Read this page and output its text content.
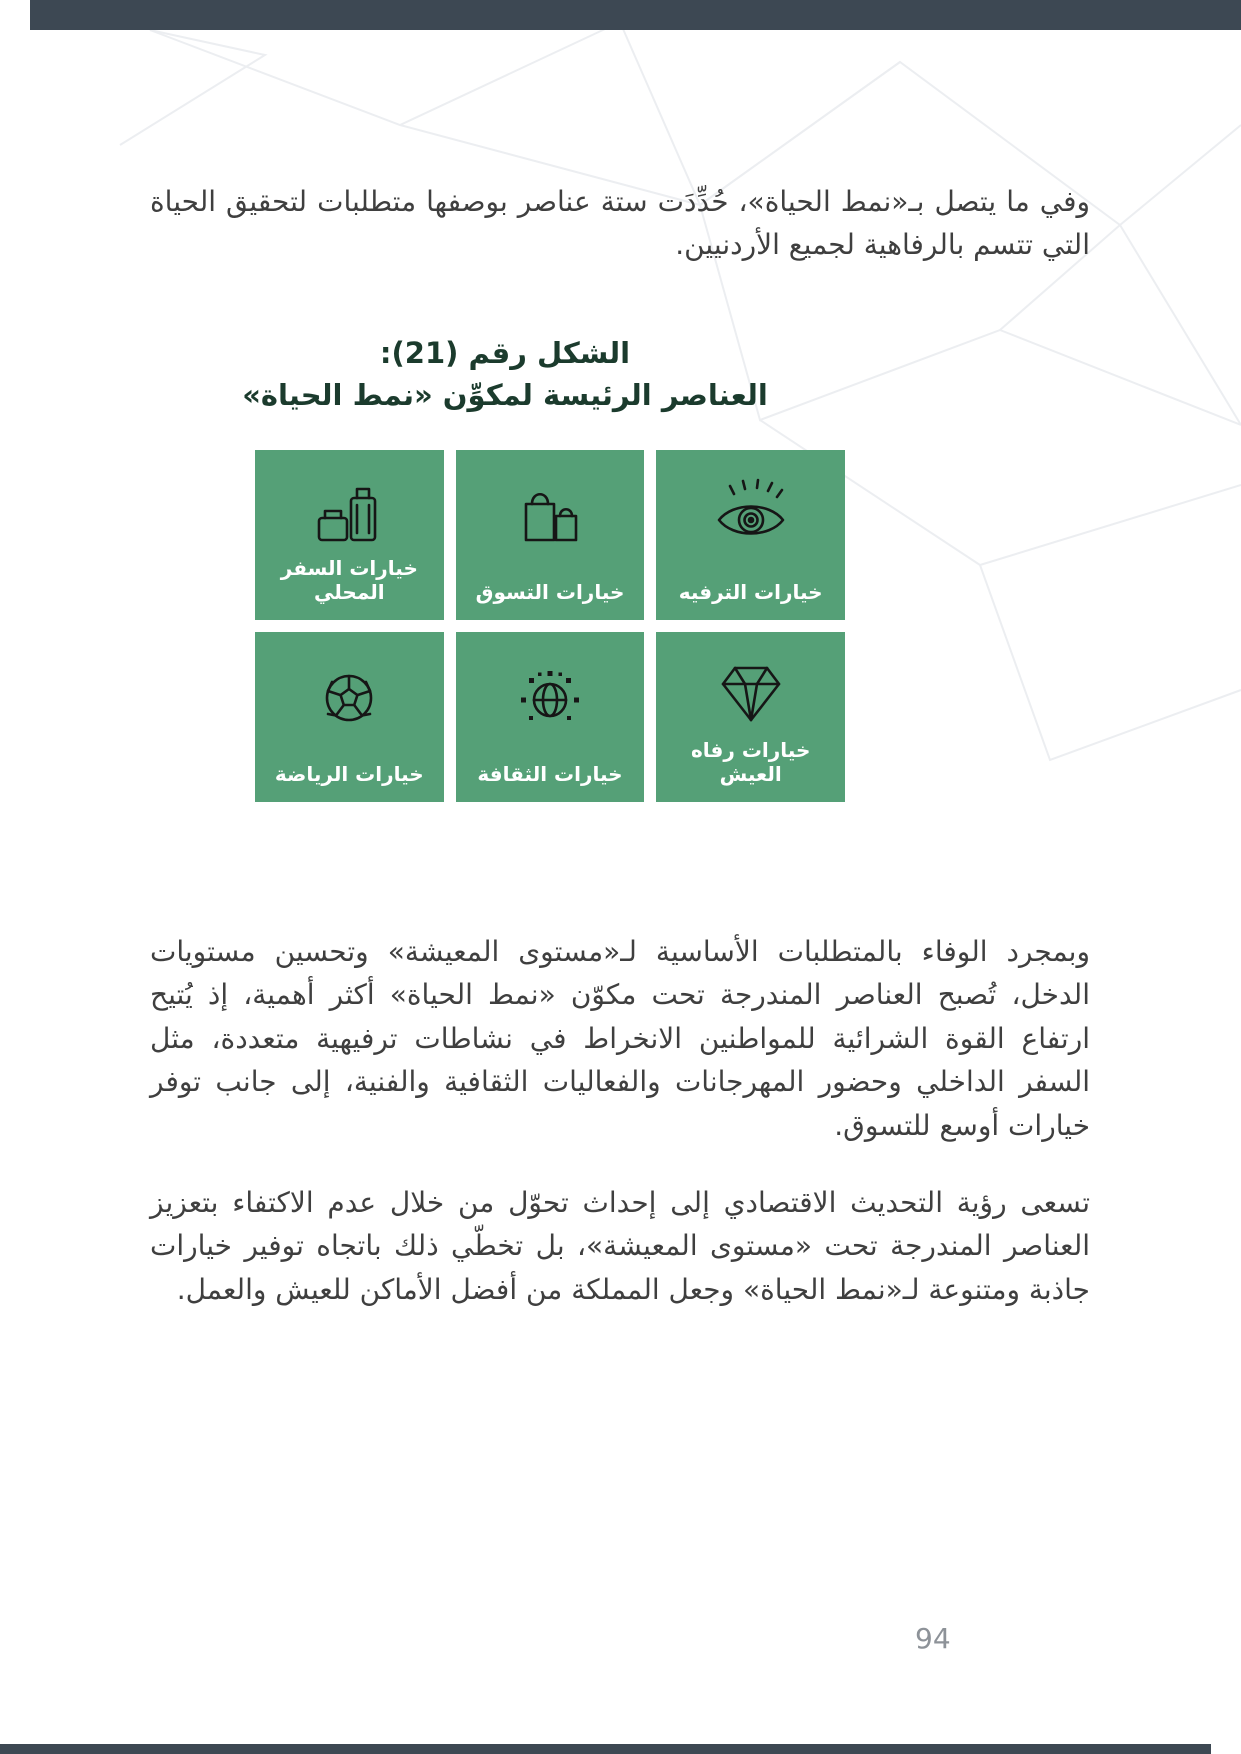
وفي ما يتصل بـ«نمط الحياة»، حُدِّدَت ستة عناصر بوصفها متطلبات لتحقيق الحياة التي تتسم بالرفاهية لجميع الأردنيين.

الشكل رقم (21):
العناصر الرئيسة لمكوِّن «نمط الحياة»
خيارات الترفيه
خيارات التسوق
خيارات السفر المحلي
خيارات رفاه العيش
خيارات الثقافة
خيارات الرياضة

وبمجرد الوفاء بالمتطلبات الأساسية لـ«مستوى المعيشة» وتحسين مستويات الدخل، تُصبح العناصر المندرجة تحت مكوّن «نمط الحياة» أكثر أهمية، إذ يُتيح ارتفاع القوة الشرائية للمواطنين الانخراط في نشاطات ترفيهية متعددة، مثل السفر الداخلي وحضور المهرجانات والفعاليات الثقافية والفنية، إلى جانب توفر خيارات أوسع للتسوق.

تسعى رؤية التحديث الاقتصادي إلى إحداث تحوّل من خلال عدم الاكتفاء بتعزيز العناصر المندرجة تحت «مستوى المعيشة»، بل تخطّي ذلك باتجاه توفير خيارات جاذبة ومتنوعة لـ«نمط الحياة» وجعل المملكة من أفضل الأماكن للعيش والعمل.

94
